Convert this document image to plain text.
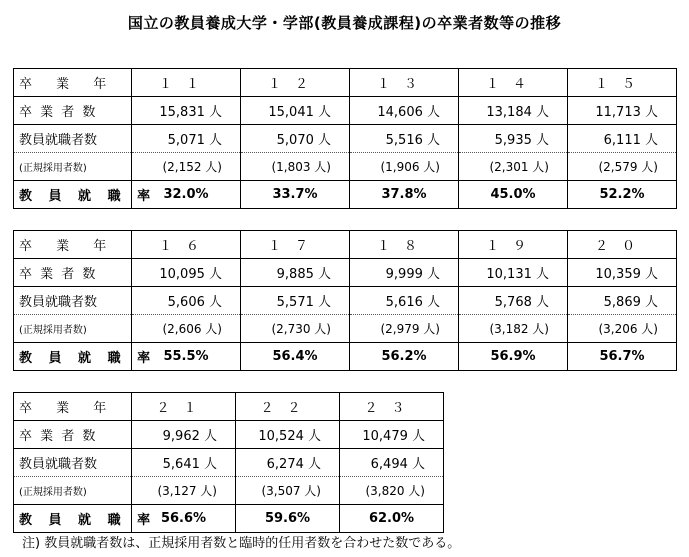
国立の教員養成大学・学部(教員養成課程)の卒業者数等の推移
卒 業 年	１１	１２	１３	１４	１５
卒 業 者 数	15,831 人	15,041 人	14,606 人	13,184 人	11,713 人
教員就職者数	5,071 人	5,070 人	5,516 人	5,935 人	6,111 人
(正規採用者数)	(2,152 人)	(1,803 人)	(1,906 人)	(2,301 人)	(2,579 人)
教 員 就 職 率	32.0%	33.7%	37.8%	45.0%	52.2%
卒 業 年	１６	１７	１８	１９	２０
卒 業 者 数	10,095 人	9,885 人	9,999 人	10,131 人	10,359 人
教員就職者数	5,606 人	5,571 人	5,616 人	5,768 人	5,869 人
(正規採用者数)	(2,606 人)	(2,730 人)	(2,979 人)	(3,182 人)	(3,206 人)
教 員 就 職 率	55.5%	56.4%	56.2%	56.9%	56.7%
卒 業 年	２１	２２	２３
卒 業 者 数	9,962 人	10,524 人	10,479 人
教員就職者数	5,641 人	6,274 人	6,494 人
(正規採用者数)	(3,127 人)	(3,507 人)	(3,820 人)
教 員 就 職 率	56.6%	59.6%	62.0%
注) 教員就職者数は、正規採用者数と臨時的任用者数を合わせた数である。
